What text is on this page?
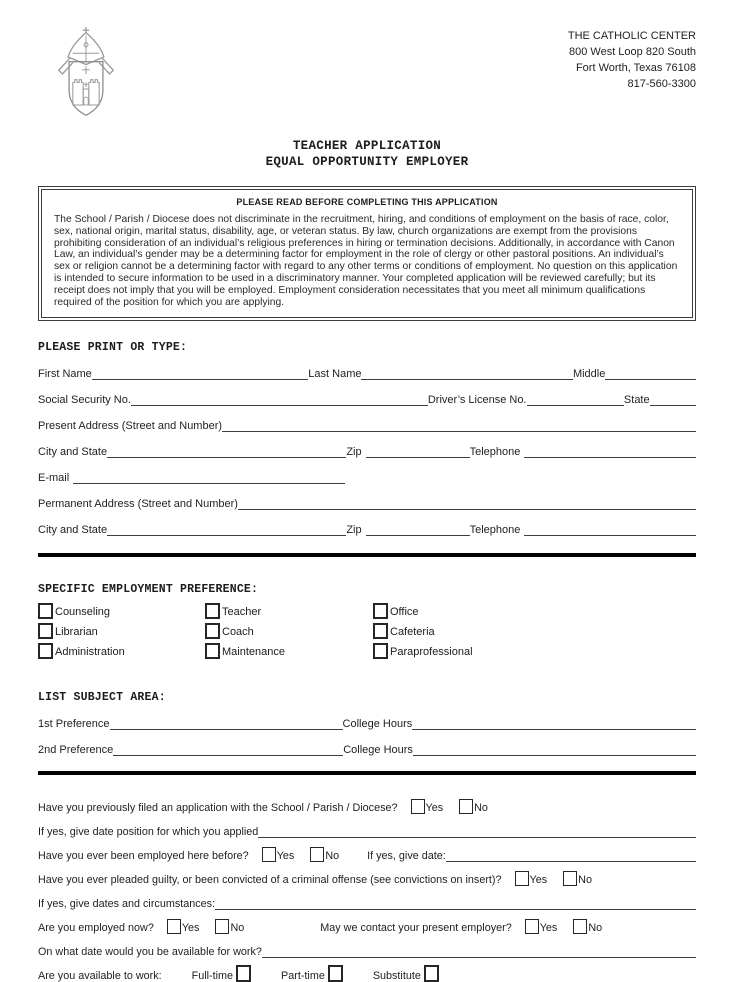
THE CATHOLIC CENTER
800 West Loop 820 South
Fort Worth, Texas 76108
817-560-3300
TEACHER APPLICATION
EQUAL OPPORTUNITY EMPLOYER
PLEASE READ BEFORE COMPLETING THIS APPLICATION
The School / Parish / Diocese does not discriminate in the recruitment, hiring, and conditions of employment on the basis of race, color, sex, national origin, marital status, disability, age, or veteran status. By law, church organizations are exempt from the provisions prohibiting consideration of an individual’s religious preferences in hiring or termination decisions. Additionally, in accordance with Canon Law, an individual’s gender may be a determining factor for employment in the role of clergy or other pastoral positions. An individual’s sex or religion cannot be a determining factor with regard to any other terms or conditions of employment. No question on this application is intended to secure information to be used in a discriminatory manner. Your completed application will be reviewed carefully; but its receipt does not imply that you will be employed. Employment consideration necessitates that you meet all minimum qualifications required of the position for which you are applying.
PLEASE PRINT OR TYPE:
First Name	Last Name	Middle
Social Security No.	Driver’s License No.	State
Present Address (Street and Number)
City and State	Zip	Telephone
E-mail
Permanent Address (Street and Number)
City and State	Zip	Telephone
SPECIFIC EMPLOYMENT PREFERENCE:
Counseling	Teacher	Office
Librarian	Coach	Cafeteria
Administration	Maintenance	Paraprofessional
LIST SUBJECT AREA:
1st Preference	College Hours
2nd Preference	College Hours
Have you previously filed an application with the School / Parish / Diocese?	Yes	No
If yes, give date position for which you applied
Have you ever been employed here before?	Yes	No	If yes, give date:
Have you ever pleaded guilty, or been convicted of a criminal offense (see convictions on insert)?	Yes	No
If yes, give dates and circumstances:
Are you employed now?	Yes	No	May we contact your present employer?	Yes	No
On what date would you be available for work?
Are you available to work:	Full-time	Part-time	Substitute
